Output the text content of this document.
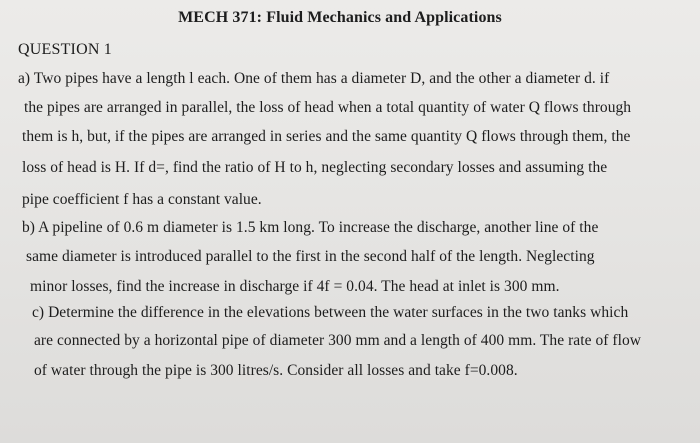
MECH 371: Fluid Mechanics and Applications
QUESTION 1
a) Two pipes have a length l each. One of them has a diameter D, and the other a diameter d. if
the pipes are arranged in parallel, the loss of head when a total quantity of water Q flows through
them is h, but, if the pipes are arranged in series and the same quantity Q flows through them, the
loss of head is H. If d=, find the ratio of H to h, neglecting secondary losses and assuming the
pipe coefficient f has a constant value.
b) A pipeline of 0.6 m diameter is 1.5 km long. To increase the discharge, another line of the
same diameter is introduced parallel to the first in the second half of the length. Neglecting
minor losses, find the increase in discharge if 4f = 0.04. The head at inlet is 300 mm.
c) Determine the difference in the elevations between the water surfaces in the two tanks which
are connected by a horizontal pipe of diameter 300 mm and a length of 400 mm. The rate of flow
of water through the pipe is 300 litres/s. Consider all losses and take f=0.008.
